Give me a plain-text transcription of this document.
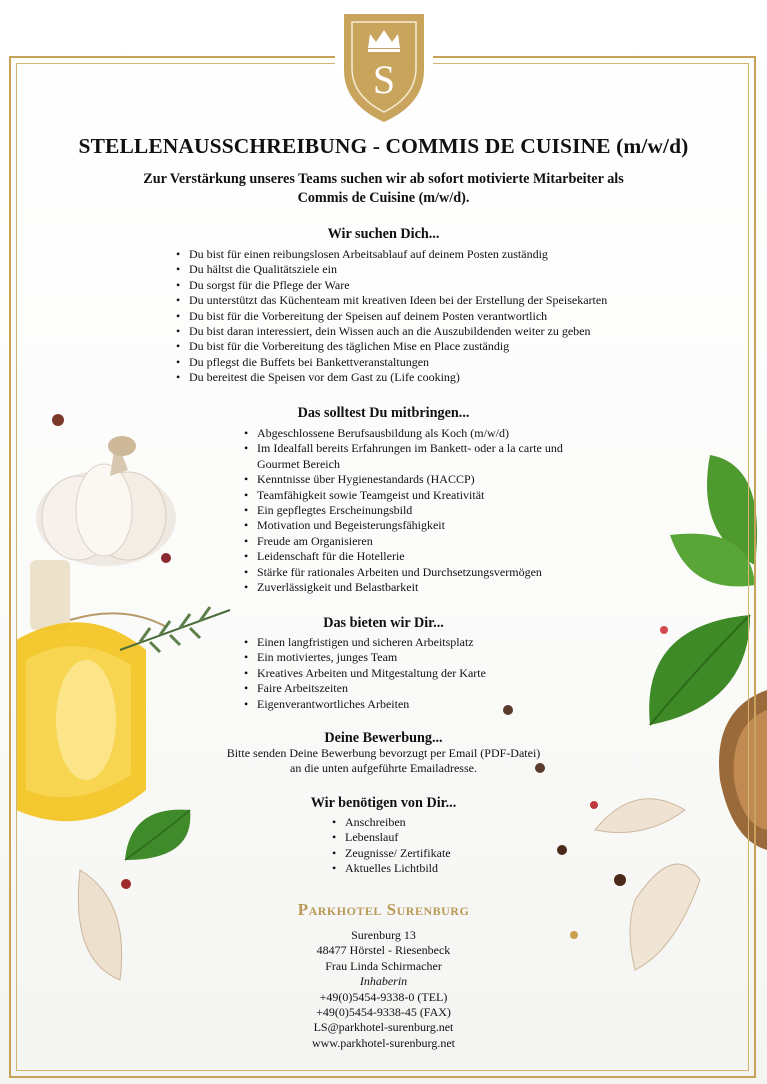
S
STELLENAUSSCHREIBUNG - COMMIS DE CUISINE (m/w/d)
Zur Verstärkung unseres Teams suchen wir ab sofort motivierte Mitarbeiter als
Commis de Cuisine (m/w/d).
Wir suchen Dich...
• Du bist für einen reibungslosen Arbeitsablauf auf deinem Posten zuständig
• Du hältst die Qualitätsziele ein
• Du sorgst für die Pflege der Ware
• Du unterstützt das Küchenteam mit kreativen Ideen bei der Erstellung der Speisekarten
• Du bist für die Vorbereitung der Speisen auf deinem Posten verantwortlich
• Du bist daran interessiert, dein Wissen auch an die Auszubildenden weiter zu geben
• Du bist für die Vorbereitung des täglichen Mise en Place zuständig
• Du pflegst die Buffets bei Bankettveranstaltungen
• Du bereitest die Speisen vor dem Gast zu (Life cooking)
Das solltest Du mitbringen...
• Abgeschlossene Berufsausbildung als Koch (m/w/d)
• Im Idealfall bereits Erfahrungen im Bankett- oder a la carte und Gourmet Bereich
• Kenntnisse über Hygienestandards (HACCP)
• Teamfähigkeit sowie Teamgeist und Kreativität
• Ein gepflegtes Erscheinungsbild
• Motivation und Begeisterungsfähigkeit
• Freude am Organisieren
• Leidenschaft für die Hotellerie
• Stärke für rationales Arbeiten und Durchsetzungsvermögen
• Zuverlässigkeit und Belastbarkeit
Das bieten wir Dir...
• Einen langfristigen und sicheren Arbeitsplatz
• Ein motiviertes, junges Team
• Kreatives Arbeiten und Mitgestaltung der Karte
• Faire Arbeitszeiten
• Eigenverantwortliches Arbeiten
Deine Bewerbung...
Bitte senden Deine Bewerbung bevorzugt per Email (PDF-Datei)
an die unten aufgeführte Emailadresse.
Wir benötigen von Dir...
• Anschreiben
• Lebenslauf
• Zeugnisse/ Zertifikate
• Aktuelles Lichtbild
Parkhotel Surenburg
Surenburg 13
48477 Hörstel - Riesenbeck
Frau Linda Schirmacher
Inhaberin
+49(0)5454-9338-0 (TEL)
+49(0)5454-9338-45 (FAX)
LS@parkhotel-surenburg.net
www.parkhotel-surenburg.net
